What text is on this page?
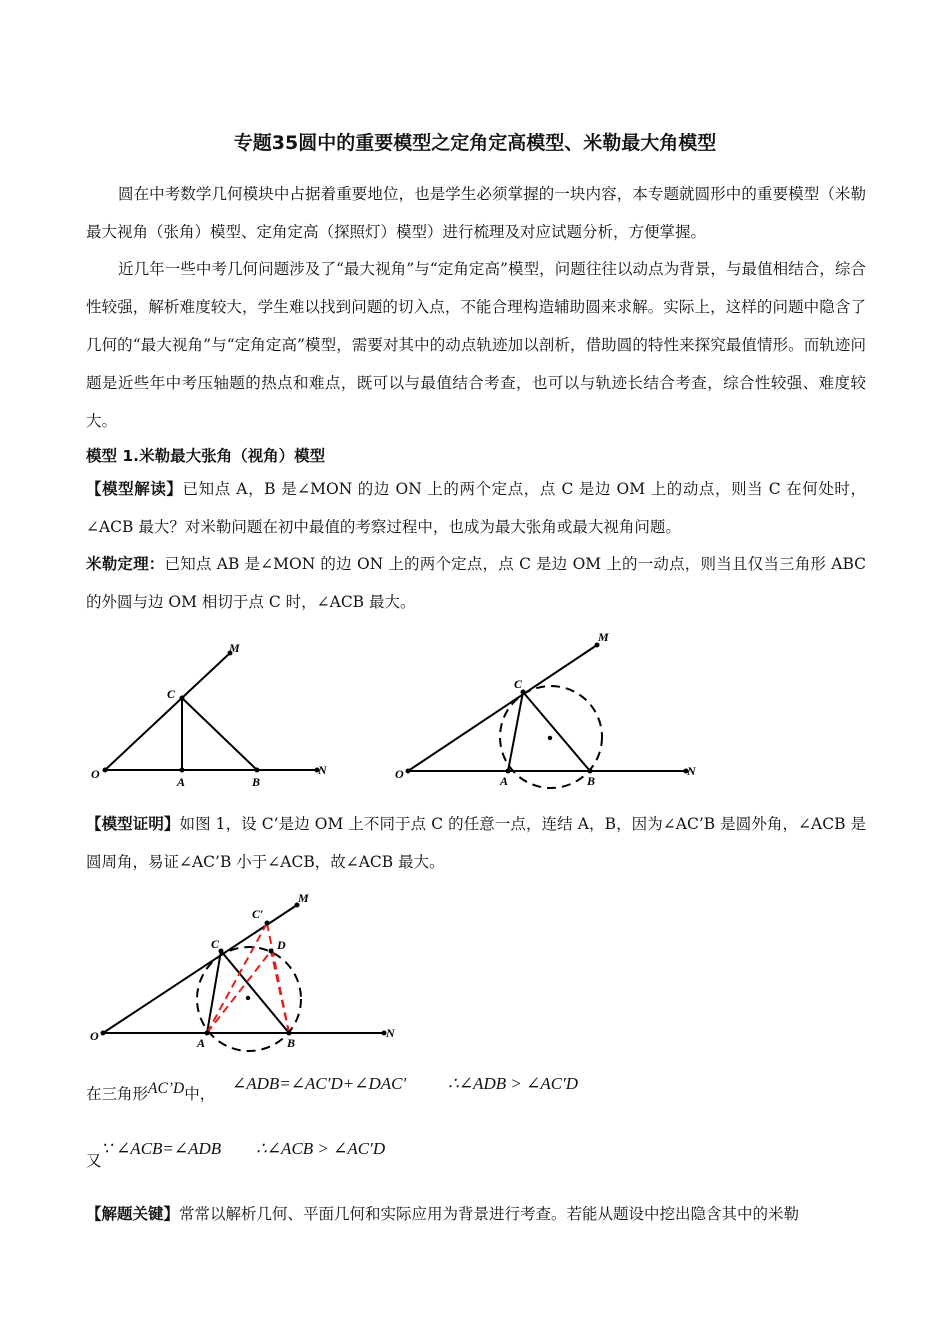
专题35圆中的重要模型之定角定高模型、米勒最大角模型
圆在中考数学几何模块中占据着重要地位，也是学生必须掌握的一块内容，本专题就圆形中的重要模型（米勒最大视角（张角）模型、定角定高（探照灯）模型）进行梳理及对应试题分析，方便掌握。
近几年一些中考几何问题涉及了“最大视角”与“定角定高”模型，问题往往以动点为背景，与最值相结合，综合性较强，解析难度较大，学生难以找到问题的切入点，不能合理构造辅助圆来求解。实际上，这样的问题中隐含了几何的“最大视角”与“定角定高”模型，需要对其中的动点轨迹加以剖析，借助圆的特性来探究最值情形。而轨迹问题是近些年中考压轴题的热点和难点，既可以与最值结合考查，也可以与轨迹长结合考查，综合性较强、难度较大。
模型 1.米勒最大张角（视角）模型
【模型解读】已知点 A，B 是∠MON 的边 ON 上的两个定点，点 C 是边 OM 上的动点，则当 C 在何处时，∠ACB 最大？对米勒问题在初中最值的考察过程中，也成为最大张角或最大视角问题。
米勒定理：已知点 AB 是∠MON 的边 ON 上的两个定点，点 C 是边 OM 上的一动点，则当且仅当三角形 ABC 的外圆与边 OM 相切于点 C 时，∠ACB 最大。
O
A	B
C
M
N	O	A	B
C
M
N
【模型证明】如图 1，设 C’是边 OM 上不同于点 C 的任意一点，连结 A，B，因为∠AC’B 是圆外角，∠ACB 是圆周角，易证∠AC’B 小于∠ACB，故∠ACB 最大。
O	A	B
C
C′
D
M
N
在三角形AC’D中，
∠ADB=∠AC′D+∠DAC′ ∴∠ADB > ∠AC′D
又
∵ ∠ACB=∠ADB ∴∠ACB > ∠AC′D
【解题关键】常常以解析几何、平面几何和实际应用为背景进行考查。若能从题设中挖出隐含其中的米勒
